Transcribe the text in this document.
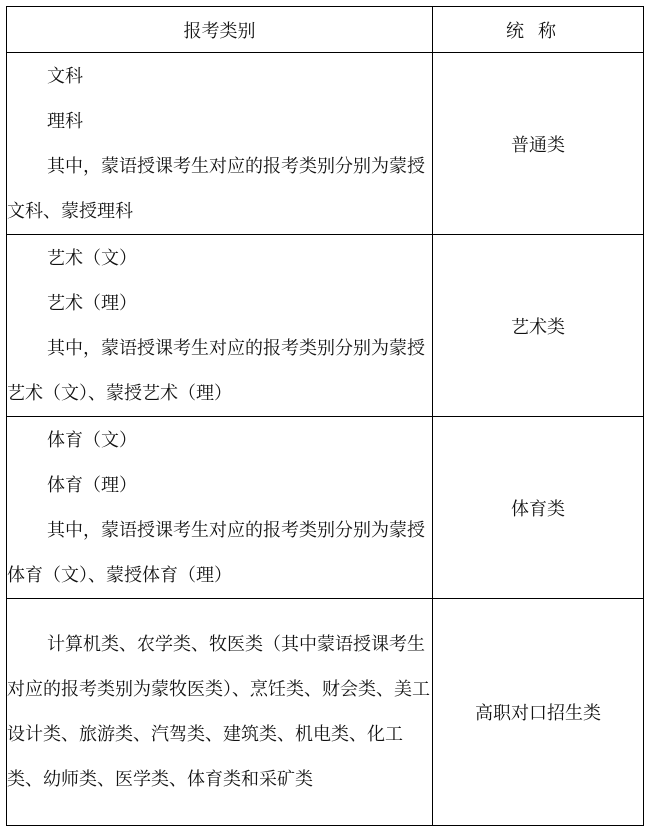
报考类别	统称

文科

理科

其中，蒙语授课考生对应的报考类别分别为蒙授文科、蒙授理科	普通类

艺术（文）

艺术（理）

其中，蒙语授课考生对应的报考类别分别为蒙授艺术（文）、蒙授艺术（理）	艺术类

体育（文）

体育（理）

其中，蒙语授课考生对应的报考类别分别为蒙授体育（文）、蒙授体育（理）	体育类

计算机类、农学类、牧医类（其中蒙语授课考生对应的报考类别为蒙牧医类）、烹饪类、财会类、美工设计类、旅游类、汽驾类、建筑类、机电类、化工类、幼师类、医学类、体育类和采矿类	高职对口招生类
